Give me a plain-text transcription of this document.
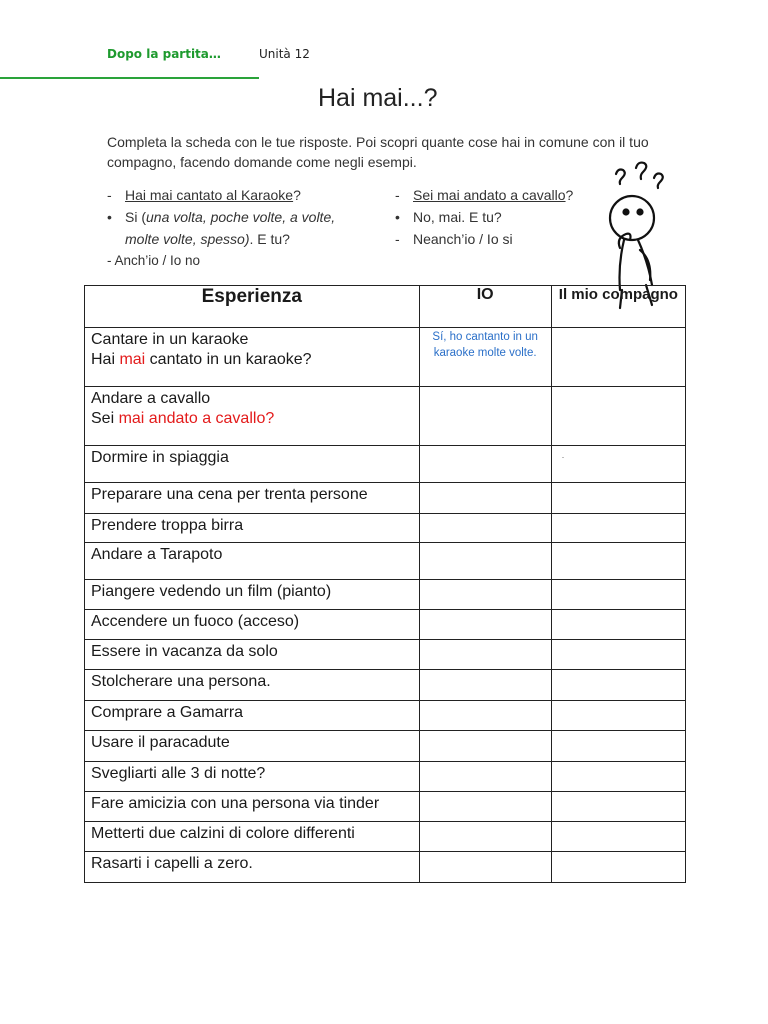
Dopo la partita…	Unità 12
Hai mai...?
Completa la scheda con le tue risposte. Poi scopri quante cose hai in comune con il tuo compagno, facendo domande come negli esempi.
- Hai mai cantato al Karaoke?
• Si (una volta, poche volte, a volte,
molte volte, spesso). E tu?
- Anch’io / Io no
- Sei mai andato a cavallo?
• No, mai. E tu?
- Neanch’io / Io si
Esperienza	IO	Il mio compagno

Cantare in un karaoke
Hai mai cantato in un karaoke?	Sí, ho cantanto in un karaoke molte volte.	

Andare a cavallo
Sei mai andato a cavallo?		

Dormire in spiaggia		.

Preparare una cena per trenta persone		

Prendere troppa birra		

Andare a Tarapoto		

Piangere vedendo un film (pianto)		

Accendere un fuoco (acceso)		

Essere in vacanza da solo		

Stolcherare una persona.		

Comprare a Gamarra		

Usare il paracadute		

Svegliarti alle 3 di notte?		

Fare amicizia con una persona via tinder		

Metterti due calzini di colore differenti		

Rasarti i capelli a zero.		
